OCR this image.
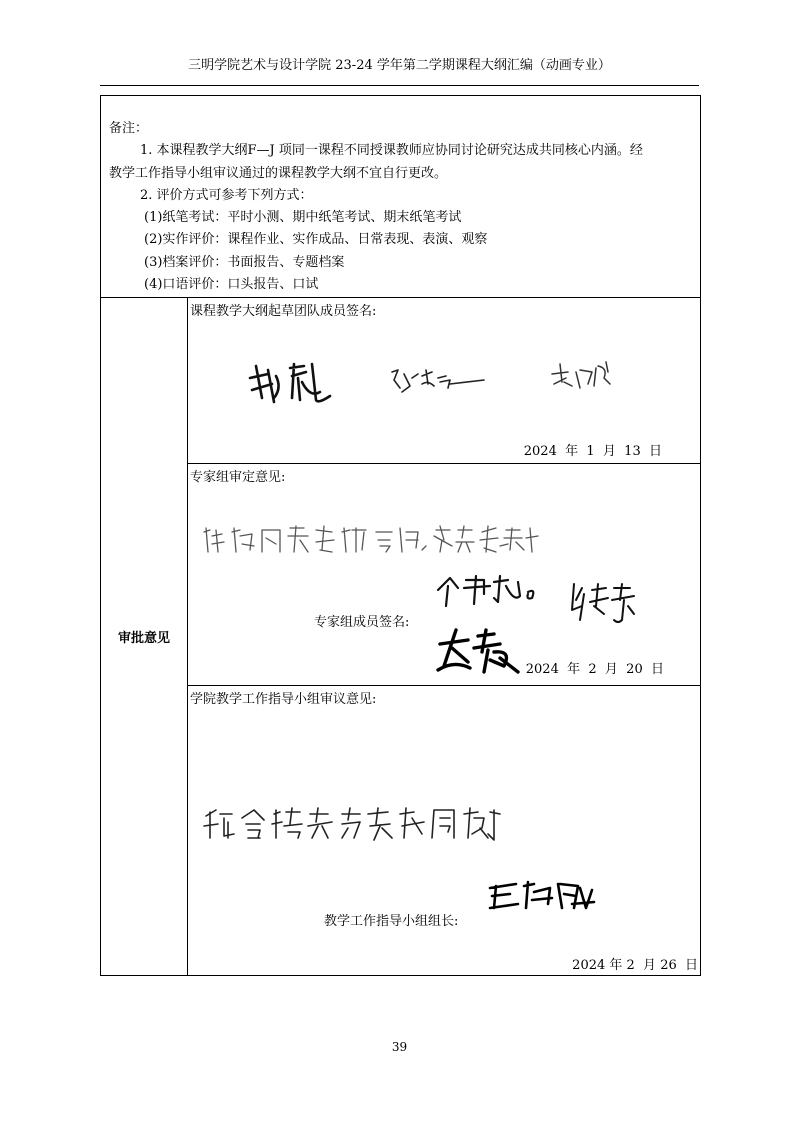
三明学院艺术与设计学院 23-24 学年第二学期课程大纲汇编（动画专业）
备注：
1. 本课程教学大纲F—J 项同一课程不同授课教师应协同讨论研究达成共同核心内涵。经
教学工作指导小组审议通过的课程教学大纲不宜自行更改。
2. 评价方式可参考下列方式：
(1)纸笔考试：平时小测、期中纸笔考试、期末纸笔考试
(2)实作评价：课程作业、实作成品、日常表现、表演、观察
(3)档案评价：书面报告、专题档案
(4)口语评价：口头报告、口试

审批意见	
课程教学大纲起草团队成员签名:
2024  年  1  月  13  日

专家组审定意见:
专家组成员签名:
2024  年  2  月  20  日

学院教学工作指导小组审议意见:
教学工作指导小组组长:
2024 年 2  月 26  日
39
